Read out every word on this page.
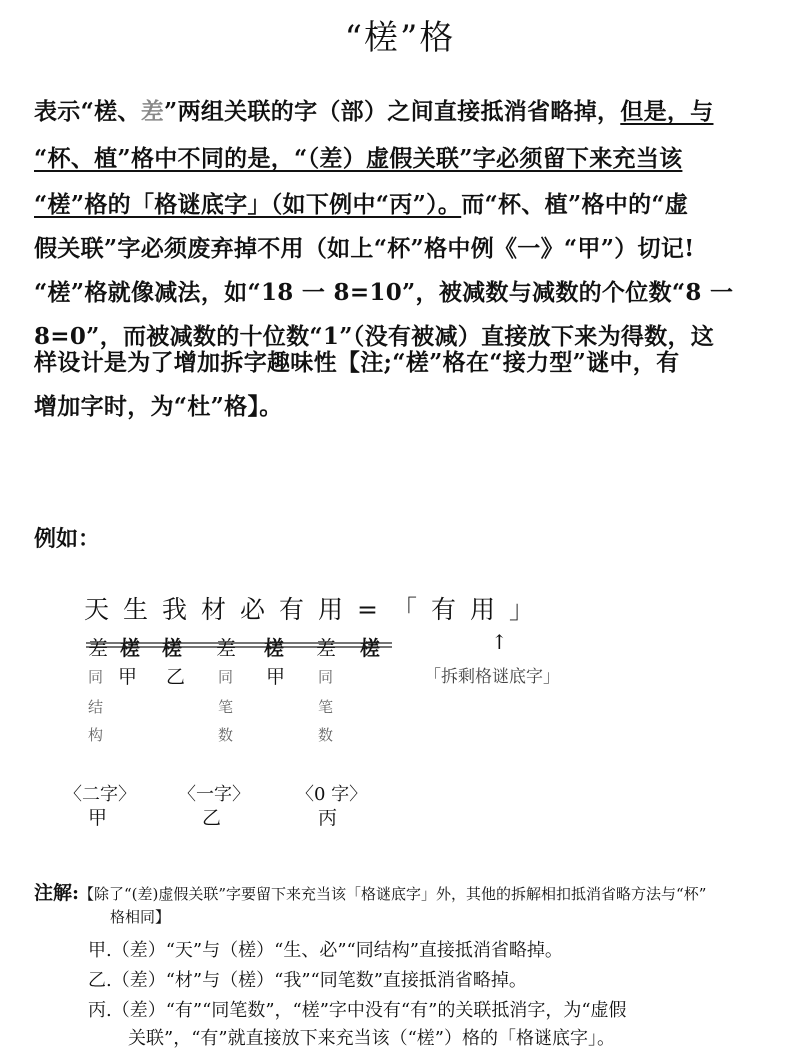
“槎”格
表示“槎、差”两组关联的字（部）之间直接抵消省略掉，但是，与
“杯、植”格中不同的是，“（差）虚假关联”字必须留下来充当该
“槎”格的「格谜底字」（如下例中“丙”）。而“杯、植”格中的“虚
假关联”字必须废弃掉不用（如上“杯”格中例《一》“甲”）切记!
“槎”格就像减法，如“18 一 8=10”，被减数与减数的个位数“8 一
8=0”，而被减数的十位数“1”（没有被减）直接放下来为得数，这
样设计是为了增加拆字趣味性【注;“槎”格在“接力型”谜中，有
增加字时，为“杜”格】。
例如：
天生我材必有用=「有用」
差 槎 槎 差 槎 差 槎	↑
同 甲 乙 同 甲 同	「拆剩格谜底字」
结	笔	笔
构	数	数
〈二字〉 〈一字〉	〈0 字〉
甲	乙	丙
注解:【除了“(差)虚假关联”字要留下来充当该「格谜底字」外，其他的拆解相扣抵消省略方法与“杯”
格相同】
甲.（差）“天”与（槎）“生、必”“同结构”直接抵消省略掉。
乙.（差）“材”与（槎）“我”“同笔数”直接抵消省略掉。
丙.（差）“有”“同笔数”，“槎”字中没有“有”的关联抵消字，为“虚假
关联”，“有”就直接放下来充当该（“槎”）格的「格谜底字」。
